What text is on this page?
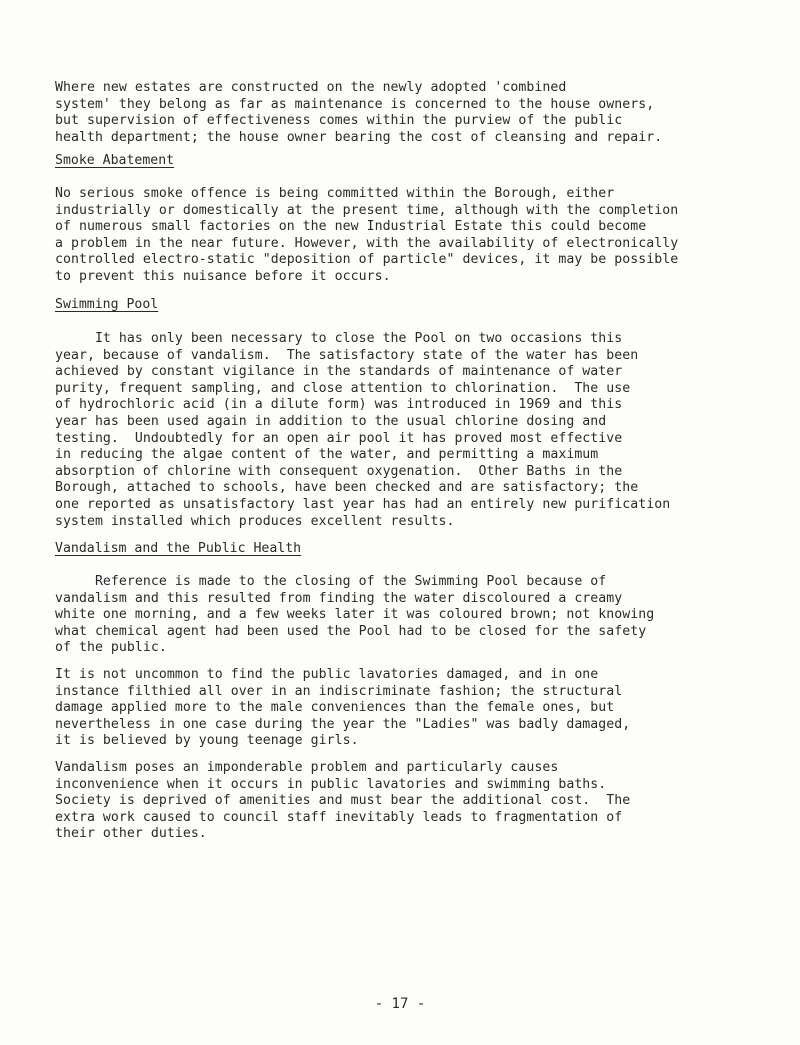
Where new estates are constructed on the newly adopted 'combined
system' they belong as far as maintenance is concerned to the house owners,
but supervision of effectiveness comes within the purview of the public
health department; the house owner bearing the cost of cleansing and repair.

Smoke Abatement

No serious smoke offence is being committed within the Borough, either
industrially or domestically at the present time, although with the completion
of numerous small factories on the new Industrial Estate this could become
a problem in the near future. However, with the availability of electronically
controlled electro-static "deposition of particle" devices, it may be possible
to prevent this nuisance before it occurs.

Swimming Pool

It has only been necessary to close the Pool on two occasions this
year, because of vandalism.  The satisfactory state of the water has been
achieved by constant vigilance in the standards of maintenance of water
purity, frequent sampling, and close attention to chlorination.  The use
of hydrochloric acid (in a dilute form) was introduced in 1969 and this
year has been used again in addition to the usual chlorine dosing and
testing.  Undoubtedly for an open air pool it has proved most effective
in reducing the algae content of the water, and permitting a maximum
absorption of chlorine with consequent oxygenation.  Other Baths in the
Borough, attached to schools, have been checked and are satisfactory; the
one reported as unsatisfactory last year has had an entirely new purification
system installed which produces excellent results.

Vandalism and the Public Health

Reference is made to the closing of the Swimming Pool because of
vandalism and this resulted from finding the water discoloured a creamy
white one morning, and a few weeks later it was coloured brown; not knowing
what chemical agent had been used the Pool had to be closed for the safety
of the public.

It is not uncommon to find the public lavatories damaged, and in one
instance filthied all over in an indiscriminate fashion; the structural
damage applied more to the male conveniences than the female ones, but
nevertheless in one case during the year the "Ladies" was badly damaged,
it is believed by young teenage girls.

Vandalism poses an imponderable problem and particularly causes
inconvenience when it occurs in public lavatories and swimming baths.
Society is deprived of amenities and must bear the additional cost.  The
extra work caused to council staff inevitably leads to fragmentation of
their other duties.

- 17 -
